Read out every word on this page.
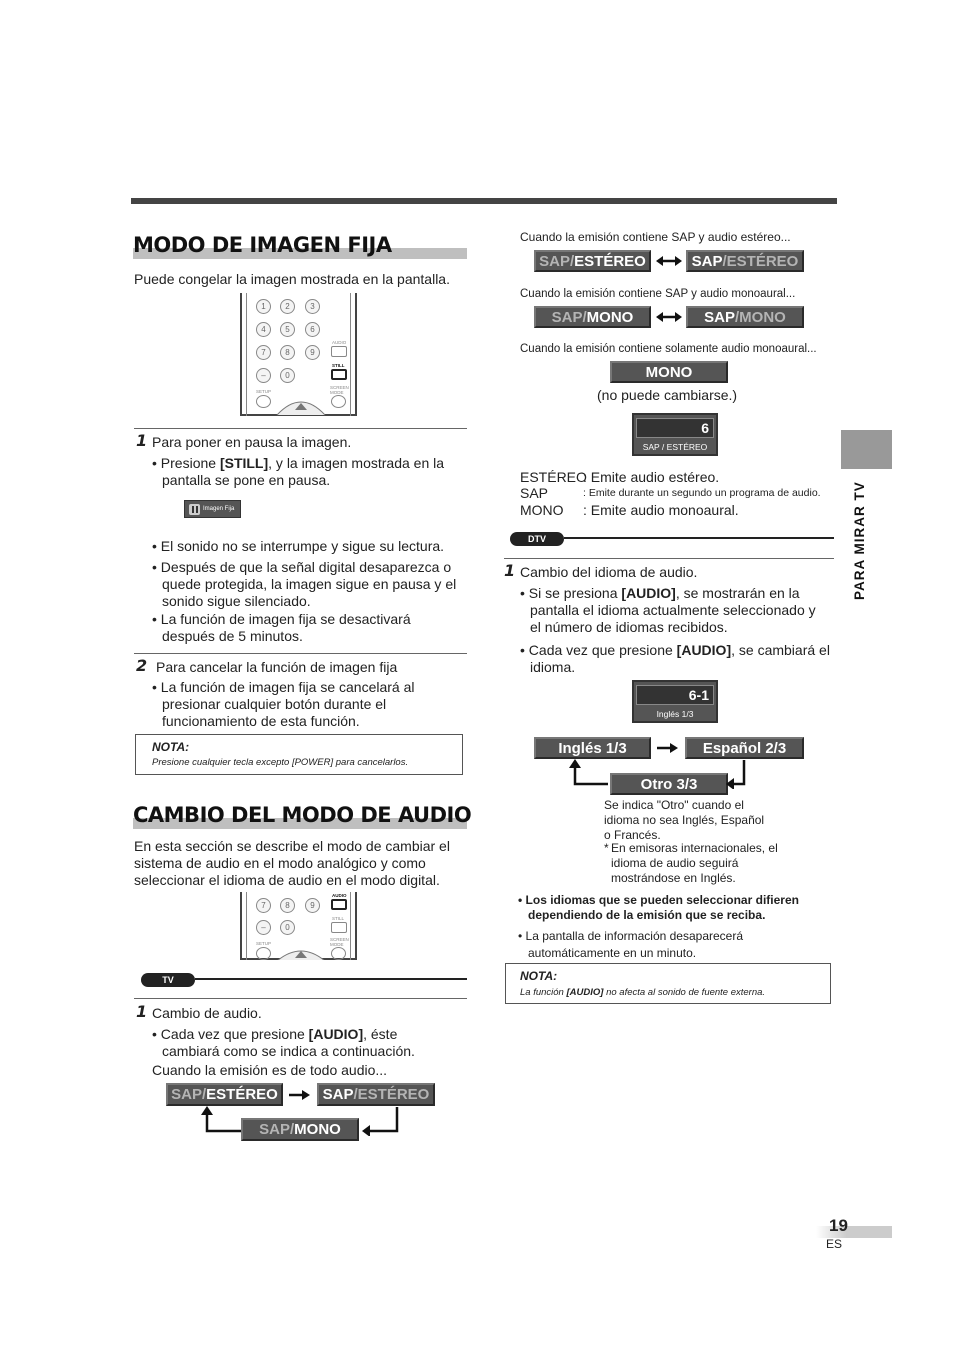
MODO DE IMAGEN FIJA
Puede congelar la imagen mostrada en la pantalla.
1	2	3
4	5	6
7	8	9
–	0
AUDIO
STILL
SETUP
SCREEN MODE
1 Para poner en pausa la imagen.
• Presione [STILL], y la imagen mostrada en la pantalla se pone en pausa.
Imagen Fija
• El sonido no se interrumpe y sigue su lectura.
• Después de que la señal digital desaparezca o quede protegida, la imagen sigue en pausa y el sonido sigue silenciado.
• La función de imagen fija se desactivará después de 5 minutos.
2 Para cancelar la función de imagen fija
• La función de imagen fija se cancelará al presionar cualquier botón durante el funcionamiento de esta función.
NOTA:
Presione cualquier tecla excepto [POWER] para cancelarlos.
CAMBIO DEL MODO DE AUDIO
En esta sección se describe el modo de cambiar el sistema de audio en el modo analógico y como seleccionar el idioma de audio en el modo digital.
7	8	9
–	0
AUDIO
STILL
SETUP
SCREEN MODE
TV
1 Cambio de audio.
• Cada vez que presione [AUDIO], éste cambiará como se indica a continuación.
Cuando la emisión es de todo audio...
SAP / ESTÉREO	SAP / ESTÉREO
SAP / MONO
Cuando la emisión contiene SAP y audio estéreo...
SAP / ESTÉREO	SAP / ESTÉREO
Cuando la emisión contiene SAP y audio monoaural...
SAP / MONO	SAP / MONO
Cuando la emisión contiene solamente audio monoaural...
MONO
(no puede cambiarse.)
6
SAP / ESTÉREO
ESTÉREO
: Emite audio estéreo.
SAP	: Emite durante un segundo un programa de audio.
MONO : Emite audio monoaural.
DTV
1 Cambio del idioma de audio.
• Si se presiona [AUDIO], se mostrarán en la pantalla el idioma actualmente seleccionado y el número de idiomas recibidos.
• Cada vez que presione [AUDIO], se cambiará el idioma.
6-1
Inglés 1/3
Inglés 1/3	Español 2/3
Otro 3/3
Se indica "Otro" cuando el idioma no sea Inglés, Español o Francés.
* En emisoras internacionales, el idioma de audio seguirá mostrándose en Inglés.
• Los idiomas que se pueden seleccionar difieren dependiendo de la emisión que se reciba.
• La pantalla de información desaparecerá automáticamente en un minuto.
NOTA:
La función [AUDIO] no afecta al sonido de fuente externa.
PARA MIRAR TV
19
ES
